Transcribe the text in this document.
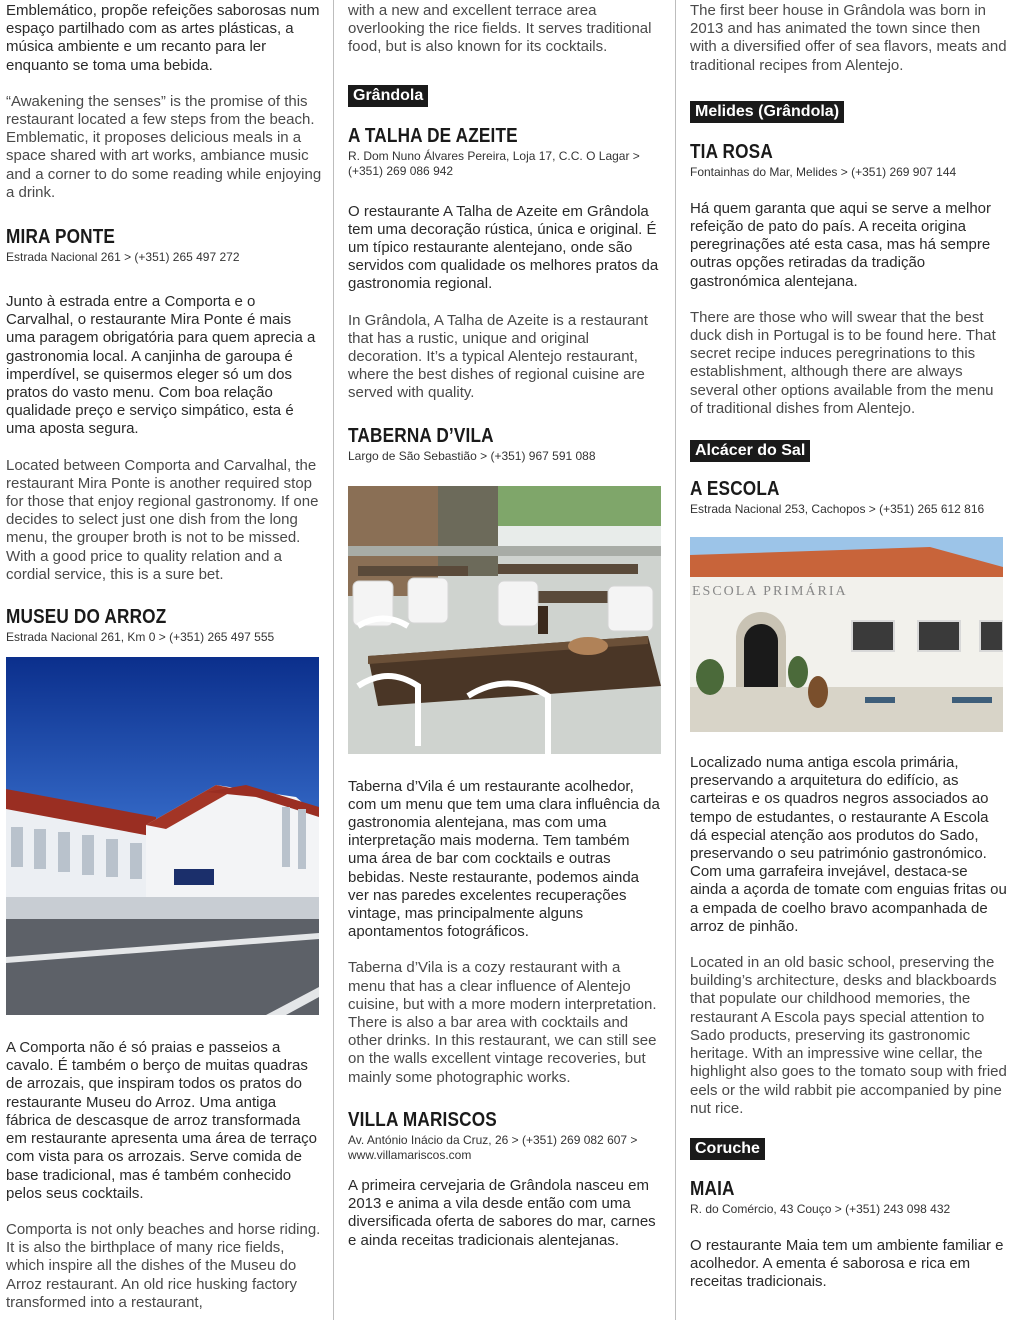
Emblemático, propõe refeições saborosas num espaço partilhado com as artes plásticas, a música ambiente e um recanto para ler enquanto se toma uma bebida.

“Awakening the senses” is the promise of this restaurant located a few steps from the beach. Emblematic, it proposes delicious meals in a space shared with art works, ambiance music and a corner to do some reading while enjoying a drink.

MIRA PONTE

Estrada Nacional 261 > (+351) 265 497 272

Junto à estrada entre a Comporta e o Carvalhal, o restaurante Mira Ponte é mais uma paragem obrigatória para quem aprecia a gastronomia local. A canjinha de garoupa é imperdível, se quisermos eleger só um dos pratos do vasto menu. Com boa relação qualidade preço e serviço simpático, esta é uma aposta segura.

Located between Comporta and Carvalhal, the restaurant Mira Ponte is another required stop for those that enjoy regional gastronomy. If one decides to select just one dish from the long menu, the grouper broth is not to be missed. With a good price to quality relation and a cordial service, this is a sure bet.

MUSEU DO ARROZ

Estrada Nacional 261, Km 0 > (+351) 265 497 555

A Comporta não é só praias e passeios a cavalo. É também o berço de muitas quadras de arrozais, que inspiram todos os pratos do restaurante Museu do Arroz. Uma antiga fábrica de descasque de arroz transformada em restaurante apresenta uma área de terraço com vista para os arrozais. Serve comida de base tradicional, mas é também conhecido pelos seus cocktails.

Comporta is not only beaches and horse riding. It is also the birthplace of many rice fields, which inspire all the dishes of the Museu do Arroz restaurant. An old rice husking factory transformed into a restaurant,

with a new and excellent terrace area overlooking the rice fields. It serves traditional food, but is also known for its cocktails.

Grândola
A TALHA DE AZEITE

R. Dom Nuno Álvares Pereira, Loja 17, C.C. O Lagar > (+351) 269 086 942

O restaurante A Talha de Azeite em Grândola tem uma decoração rústica, única e original. É um típico restaurante alentejano, onde são servidos com qualidade os melhores pratos da gastronomia regional.

In Grândola, A Talha de Azeite is a restaurant that has a rustic, unique and original decoration. It’s a typical Alentejo restaurant, where the best dishes of regional cuisine are served with quality.

TABERNA D’VILA

Largo de São Sebastião > (+351) 967 591 088

Taberna d’Vila é um restaurante acolhedor, com um menu que tem uma clara influência da gastronomia alentejana, mas com uma interpretação mais moderna. Tem também uma área de bar com cocktails e outras bebidas. Neste restaurante, podemos ainda ver nas paredes excelentes recuperações vintage, mas principalmente alguns apontamentos fotográficos.

Taberna d’Vila is a cozy restaurant with a menu that has a clear influence of Alentejo cuisine, but with a more modern interpretation. There is also a bar area with cocktails and other drinks. In this restaurant, we can still see on the walls excellent vintage recoveries, but mainly some photographic works.

VILLA MARISCOS

Av. António Inácio da Cruz, 26 > (+351) 269 082 607 > www.villamariscos.com

A primeira cervejaria de Grândola nasceu em 2013 e anima a vila desde então com uma diversificada oferta de sabores do mar, carnes e ainda receitas tradicionais alentejanas.

The first beer house in Grândola was born in 2013 and has animated the town since then with a diversified offer of sea flavors, meats and traditional recipes from Alentejo.

Melides (Grândola)
TIA ROSA

Fontainhas do Mar, Melides > (+351) 269 907 144

Há quem garanta que aqui se serve a melhor refeição de pato do país. A receita origina peregrinações até esta casa, mas há sempre outras opções retiradas da tradição gastronómica alentejana.

There are those who will swear that the best duck dish in Portugal is to be found here. That secret recipe induces peregrinations to this establishment, although there are always several other options available from the menu of traditional dishes from Alentejo.

Alcácer do Sal
A ESCOLA

Estrada Nacional 253, Cachopos > (+351) 265 612 816

ESCOLA PRIMÁRIA

Localizado numa antiga escola primária, preservando a arquitetura do edifício, as carteiras e os quadros negros associados ao tempo de estudantes, o restaurante A Escola dá especial atenção aos produtos do Sado, preservando o seu património gastronómico. Com uma garrafeira invejável, destaca-se ainda a açorda de tomate com enguias fritas ou a empada de coelho bravo acompanhada de arroz de pinhão.

Located in an old basic school, preserving the building’s architecture, desks and blackboards that populate our childhood memories, the restaurant A Escola pays special attention to Sado products, preserving its gastronomic heritage. With an impressive wine cellar, the highlight also goes to the tomato soup with fried eels or the wild rabbit pie accompanied by pine nut rice.

Coruche
MAIA

R. do Comércio, 43 Couço > (+351) 243 098 432

O restaurante Maia tem um ambiente familiar e acolhedor. A ementa é saborosa e rica em receitas tradicionais.
